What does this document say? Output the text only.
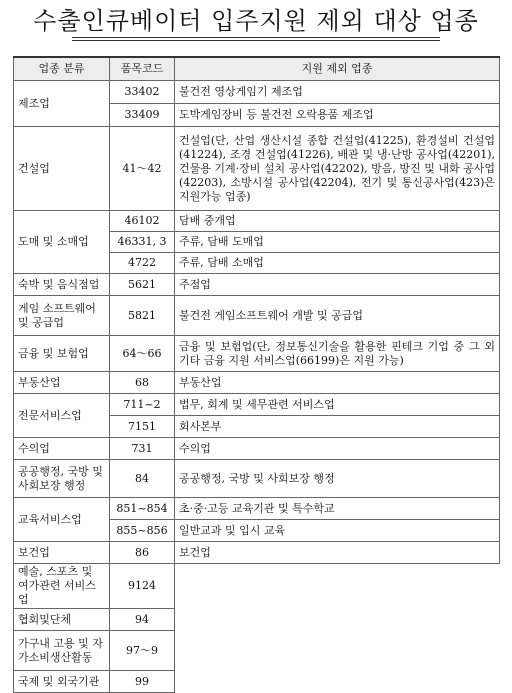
수출인큐베이터 입주지원 제외 대상 업종
업종 분류	품목코드	지원 제외 업종
제조업	33402	불건전 영상게임기 제조업
	33409	도박게임장비 등 불건전 오락용품 제조업
건설업	41～42	건설업(단, 산업 생산시설 종합 건설업(41225), 환경설비 건설업(41224), 조경 건설업(41226), 배관 및 냉·난방 공사업(42201), 건물용 기계·장비 설치 공사업(42202), 방음, 방진 및 내화 공사업(42203), 소방시설 공사업(42204), 전기 및 통신공사업(423)은 지원가능 업종)
도매 및 소매업	46102	담배 중개업
	46331, 3	주류, 담배 도매업
	4722	주류, 담배 소매업
숙박 및 음식점업	5621	주점업
게임 소프트웨어 및 공급업	5821	불건전 게임소프트웨어 개발 및 공급업
금융 및 보험업	64～66	금융 및 보험업(단, 정보통신기술을 활용한 핀테크 기업 중 그 외 기타 금융 지원 서비스업(66199)은 지원 가능)
부동산업	68	부동산업
전문서비스업	711~2	법무, 회계 및 세무관련 서비스업
	7151	회사본부
수의업	731	수의업
공공행정, 국방 및 사회보장 행정	84	공공행정, 국방 및 사회보장 행정
교육서비스업	851~854	초·중·고등 교육기관 및 특수학교
	855~856	일반교과 및 입시 교육
보건업	86	보건업
예술, 스포츠 및 여가관련 서비스업	9124	
협회및단체	94	
가구내 고용 및 자가소비생산활동	97～9	
국제 및 외국기관	99	
